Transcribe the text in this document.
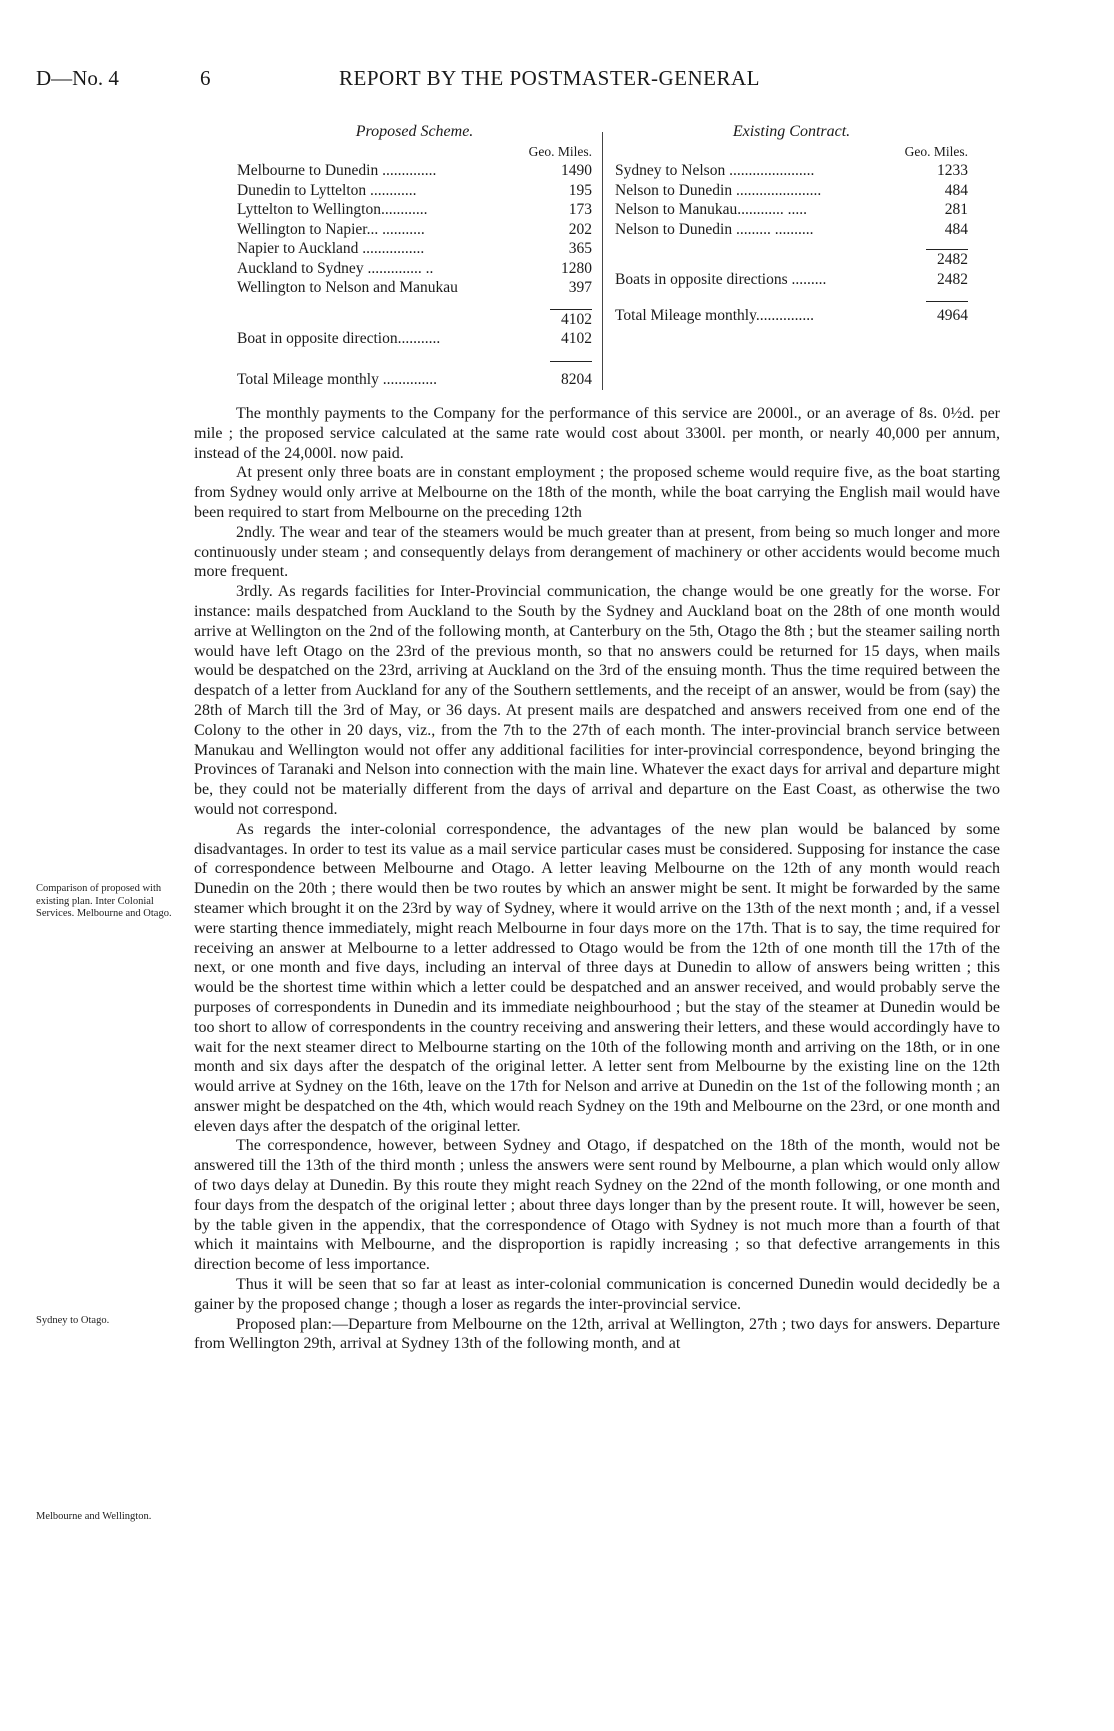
D—No. 4	6	REPORT BY THE POSTMASTER-GENERAL
Proposed Scheme.
Geo. Miles.
Melbourne to Dunedin ..............	1490
Dunedin to Lyttelton ............	195
Lyttelton to Wellington............	173
Wellington to Napier... ...........	202
Napier to Auckland ................	365
Auckland to Sydney .............. ..	1280
Wellington to Nelson and Manukau	397
4102
Boat in opposite direction...........	4102
Total Mileage monthly ..............	8204
Existing Contract.
Geo. Miles.
Sydney to Nelson ......................	1233
Nelson to Dunedin ......................	484
Nelson to Manukau............ .....	281
Nelson to Dunedin ......... ..........	484
2482
Boats in opposite directions .........	2482
Total Mileage monthly...............	4964

The monthly payments to the Company for the performance of this service are 2000l., or an average of 8s. 0½d. per mile ; the proposed service calculated at the same rate would cost about 3300l. per month, or nearly 40,000 per annum, instead of the 24,000l. now paid.

At present only three boats are in constant employment ; the proposed scheme would require five, as the boat starting from Sydney would only arrive at Melbourne on the 18th of the month, while the boat carrying the English mail would have been required to start from Melbourne on the preceding 12th

2ndly. The wear and tear of the steamers would be much greater than at present, from being so much longer and more continuously under steam ; and consequently delays from derangement of machinery or other accidents would become much more frequent.

3rdly. As regards facilities for Inter-Provincial communication, the change would be one greatly for the worse. For instance: mails despatched from Auckland to the South by the Sydney and Auckland boat on the 28th of one month would arrive at Wellington on the 2nd of the following month, at Canterbury on the 5th, Otago the 8th ; but the steamer sailing north would have left Otago on the 23rd of the previous month, so that no answers could be returned for 15 days, when mails would be despatched on the 23rd, arriving at Auckland on the 3rd of the ensuing month. Thus the time required between the despatch of a letter from Auckland for any of the Southern settlements, and the receipt of an answer, would be from (say) the 28th of March till the 3rd of May, or 36 days. At present mails are despatched and answers received from one end of the Colony to the other in 20 days, viz., from the 7th to the 27th of each month. The inter-provincial branch service between Manukau and Wellington would not offer any additional facilities for inter-provincial correspondence, beyond bringing the Provinces of Taranaki and Nelson into connection with the main line. Whatever the exact days for arrival and departure might be, they could not be materially different from the days of arrival and departure on the East Coast, as otherwise the two would not correspond.

As regards the inter-colonial correspondence, the advantages of the new plan would be balanced by some disadvantages. In order to test its value as a mail service particular cases must be considered. Supposing for instance the case of correspondence between Melbourne and Otago. A letter leaving Melbourne on the 12th of any month would reach Dunedin on the 20th ; there would then be two routes by which an answer might be sent. It might be forwarded by the same steamer which brought it on the 23rd by way of Sydney, where it would arrive on the 13th of the next month ; and, if a vessel were starting thence immediately, might reach Melbourne in four days more on the 17th. That is to say, the time required for receiving an answer at Melbourne to a letter addressed to Otago would be from the 12th of one month till the 17th of the next, or one month and five days, including an interval of three days at Dunedin to allow of answers being written ; this would be the shortest time within which a letter could be despatched and an answer received, and would probably serve the purposes of correspondents in Dunedin and its immediate neighbourhood ; but the stay of the steamer at Dunedin would be too short to allow of correspondents in the country receiving and answering their letters, and these would accordingly have to wait for the next steamer direct to Melbourne starting on the 10th of the following month and arriving on the 18th, or in one month and six days after the despatch of the original letter. A letter sent from Melbourne by the existing line on the 12th would arrive at Sydney on the 16th, leave on the 17th for Nelson and arrive at Dunedin on the 1st of the following month ; an answer might be despatched on the 4th, which would reach Sydney on the 19th and Melbourne on the 23rd, or one month and eleven days after the despatch of the original letter.

The correspondence, however, between Sydney and Otago, if despatched on the 18th of the month, would not be answered till the 13th of the third month ; unless the answers were sent round by Melbourne, a plan which would only allow of two days delay at Dunedin. By this route they might reach Sydney on the 22nd of the month following, or one month and four days from the despatch of the original letter ; about three days longer than by the present route. It will, however be seen, by the table given in the appendix, that the correspondence of Otago with Sydney is not much more than a fourth of that which it maintains with Melbourne, and the disproportion is rapidly increasing ; so that defective arrangements in this direction become of less importance.

Thus it will be seen that so far at least as inter-colonial communication is concerned Dunedin would decidedly be a gainer by the proposed change ; though a loser as regards the inter-provincial service.

Proposed plan:—Departure from Melbourne on the 12th, arrival at Wellington, 27th ; two days for answers. Departure from Wellington 29th, arrival at Sydney 13th of the following month, and at

Comparison of proposed with existing plan. Inter Colonial Services. Melbourne and Otago.
Sydney to Otago.
Melbourne and Wellington.
